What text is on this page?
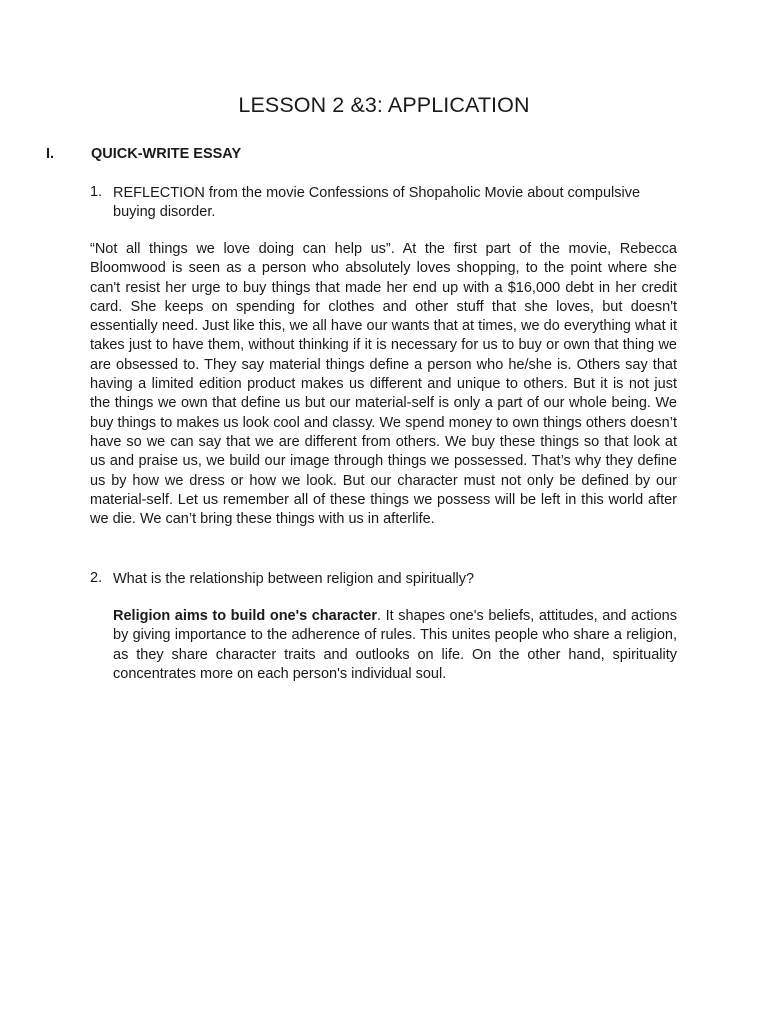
LESSON 2 &3: APPLICATION
I.	QUICK-WRITE ESSAY
1. REFLECTION from the movie Confessions of Shopaholic Movie about compulsive buying disorder.

“Not all things we love doing can help us”. At the first part of the movie, Rebecca Bloomwood is seen as a person who absolutely loves shopping, to the point where she can't resist her urge to buy things that made her end up with a $16,000 debt in her credit card. She keeps on spending for clothes and other stuff that she loves, but doesn't essentially need. Just like this, we all have our wants that at times, we do everything what it takes just to have them, without thinking if it is necessary for us to buy or own that thing we are obsessed to. They say material things define a person who he/she is. Others say that having a limited edition product makes us different and unique to others. But it is not just the things we own that define us but our material-self is only a part of our whole being. We buy things to makes us look cool and classy. We spend money to own things others doesn’t have so we can say that we are different from others. We buy these things so that look at us and praise us, we build our image through things we possessed. That’s why they define us by how we dress or how we look. But our character must not only be defined by our material-self. Let us remember all of these things we possess will be left in this world after we die. We can’t bring these things with us in afterlife.

2. What is the relationship between religion and spiritually?

Religion aims to build one's character. It shapes one's beliefs, attitudes, and actions by giving importance to the adherence of rules. This unites people who share a religion, as they share character traits and outlooks on life. On the other hand, spirituality concentrates more on each person's individual soul.
